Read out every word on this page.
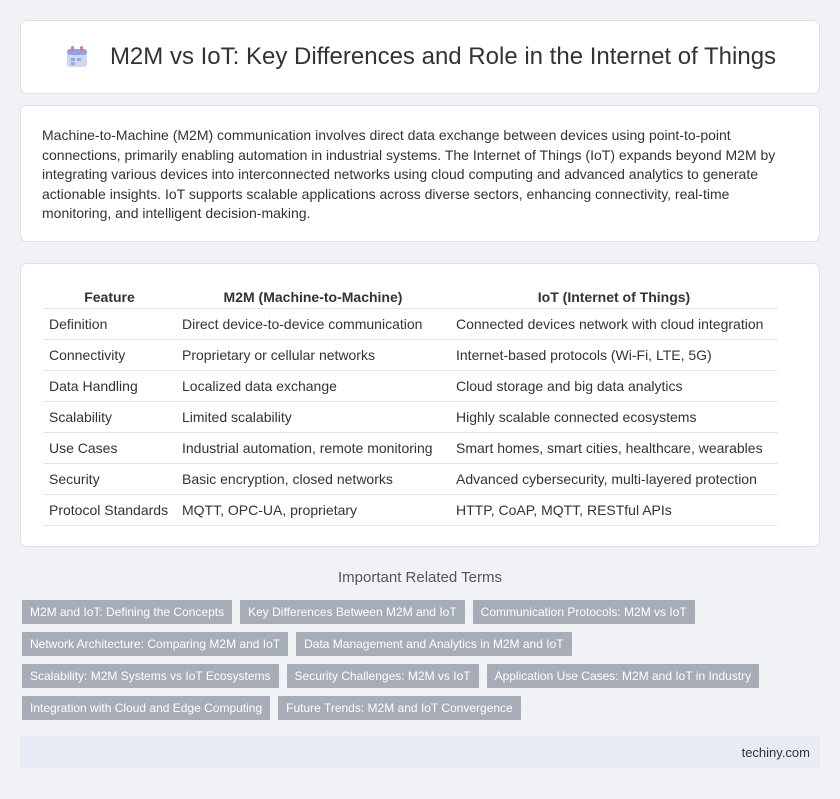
M2M vs IoT: Key Differences and Role in the Internet of Things

Machine-to-Machine (M2M) communication involves direct data exchange between devices using point-to-point connections, primarily enabling automation in industrial systems. The Internet of Things (IoT) expands beyond M2M by integrating various devices into interconnected networks using cloud computing and advanced analytics to generate actionable insights. IoT supports scalable applications across diverse sectors, enhancing connectivity, real-time monitoring, and intelligent decision-making.

Feature	M2M (Machine-to-Machine)	IoT (Internet of Things)
Definition	Direct device-to-device communication	Connected devices network with cloud integration
Connectivity	Proprietary or cellular networks	Internet-based protocols (Wi-Fi, LTE, 5G)
Data Handling	Localized data exchange	Cloud storage and big data analytics
Scalability	Limited scalability	Highly scalable connected ecosystems
Use Cases	Industrial automation, remote monitoring	Smart homes, smart cities, healthcare, wearables
Security	Basic encryption, closed networks	Advanced cybersecurity, multi-layered protection
Protocol Standards	MQTT, OPC-UA, proprietary	HTTP, CoAP, MQTT, RESTful APIs
Important Related Terms
M2M and IoT: Defining the Concepts	Key Differences Between M2M and IoT	Communication Protocols: M2M vs IoT
Network Architecture: Comparing M2M and IoT	Data Management and Analytics in M2M and IoT
Scalability: M2M Systems vs IoT Ecosystems	Security Challenges: M2M vs IoT	Application Use Cases: M2M and IoT in Industry
Integration with Cloud and Edge Computing	Future Trends: M2M and IoT Convergence
techiny.com
